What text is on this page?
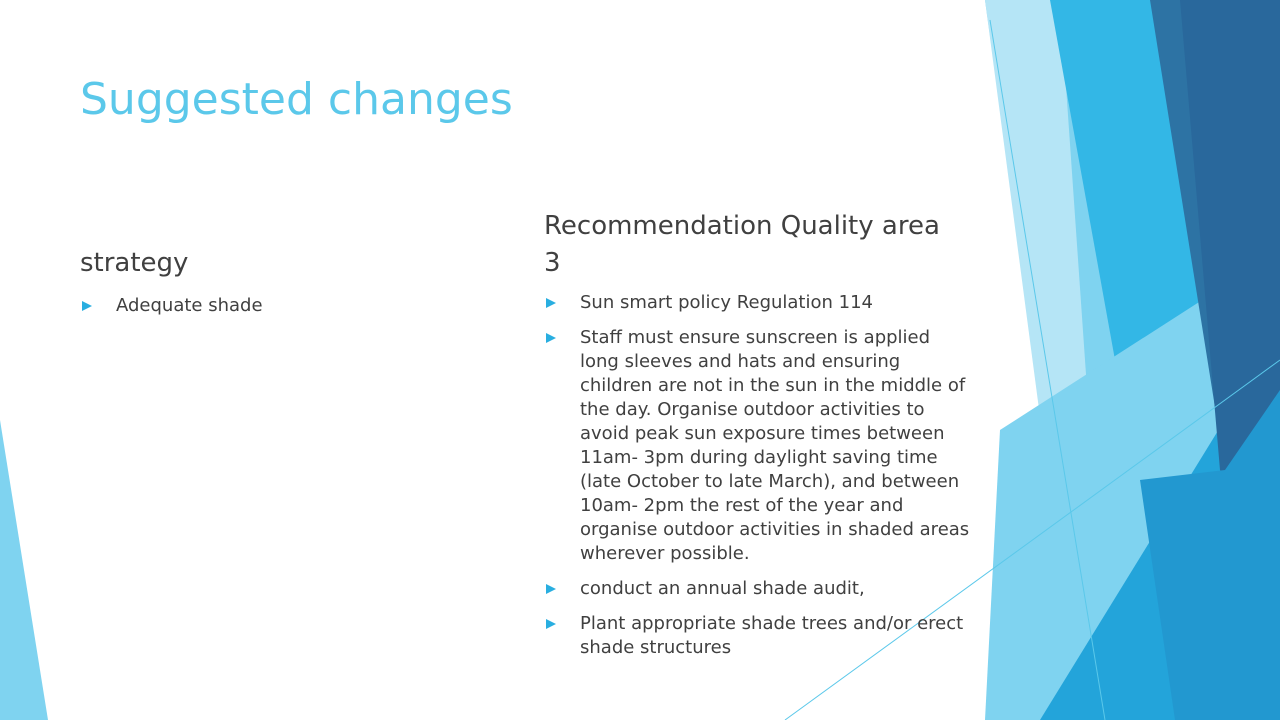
Suggested changes
strategy
Adequate shade
Recommendation Quality area 3
Sun smart policy Regulation 114
Staff must ensure sunscreen is applied long sleeves and hats and ensuring children are not in the sun in the middle of the day. Organise outdoor activities to avoid peak sun exposure times between 11am- 3pm during daylight saving time (late October to late March), and between 10am- 2pm the rest of the year and organise outdoor activities in shaded areas wherever possible.
conduct an annual shade audit,
Plant appropriate shade trees and/or erect shade structures
